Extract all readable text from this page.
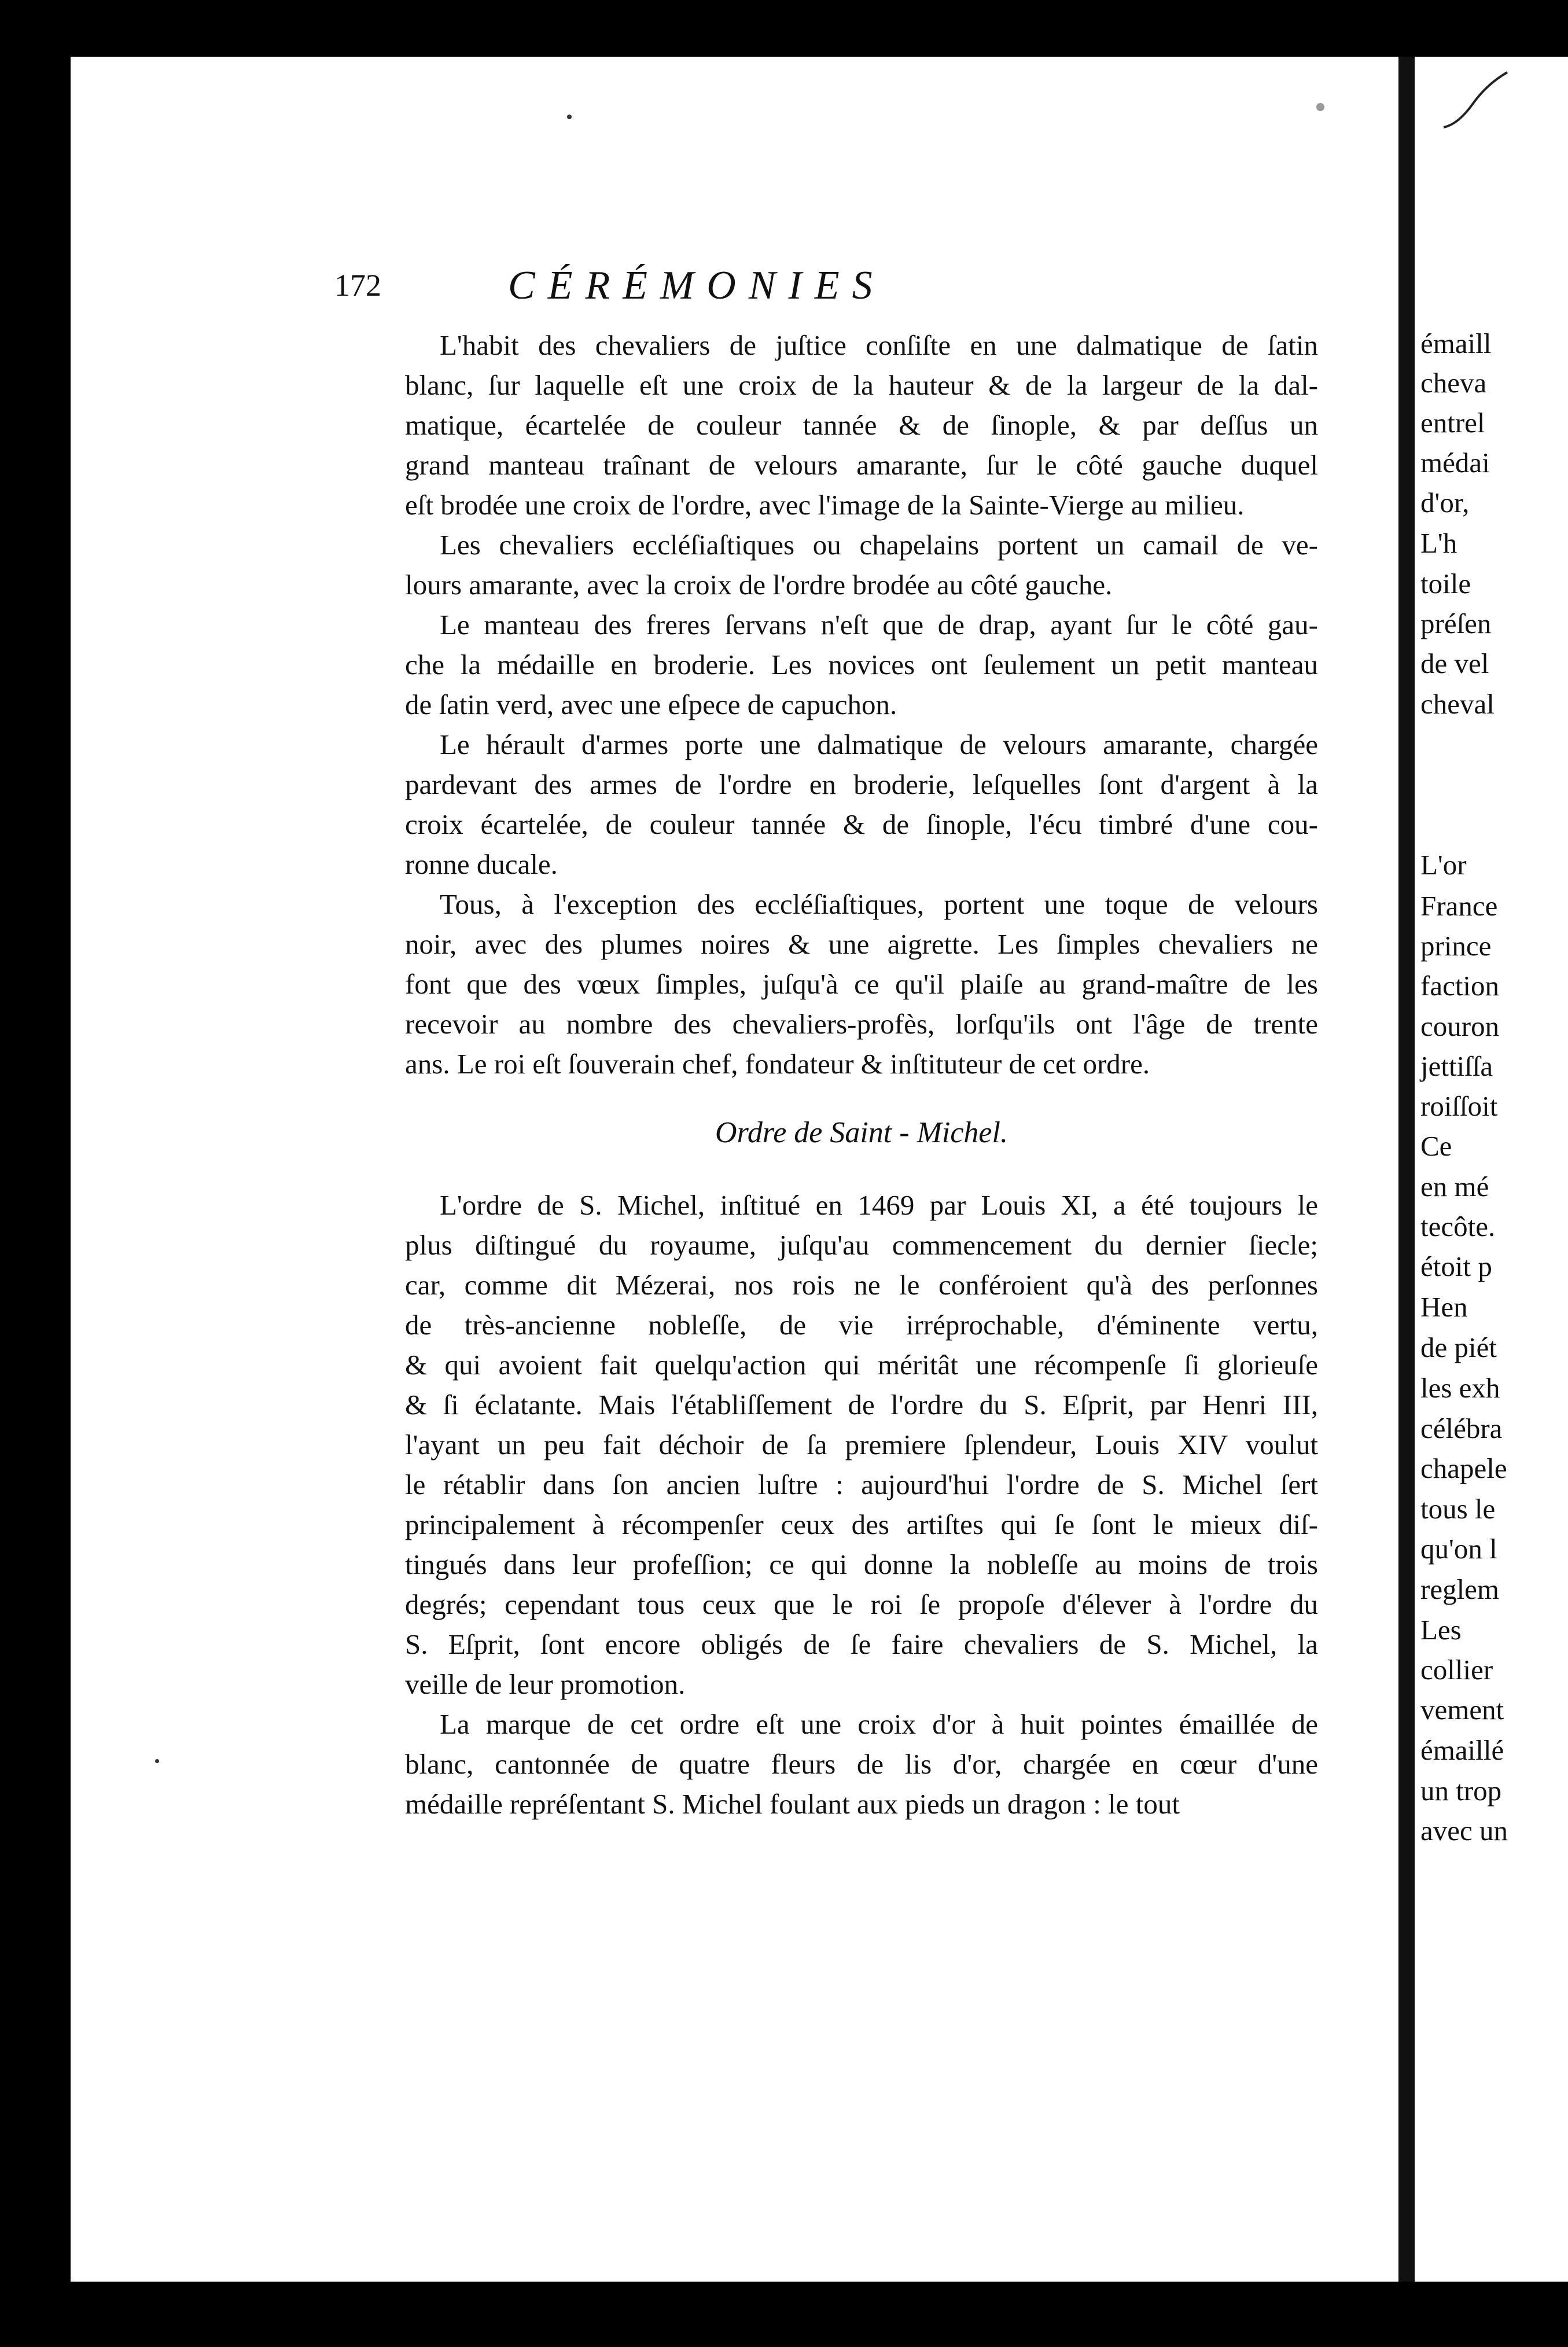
émaill
cheva
entrel
médai
d'or,
L'h
toile
préſen
de vel
cheval
L'or
France
prince
faction
couron
jettiſſa
roiſſoit
Ce
en mé
tecôte.
étoit p
Hen
de piét
les exh
célébra
chapele
tous le
qu'on l
reglem
Les
collier
vement
émaillé
un trop
avec un
172	CÉRÉMONIES
L'habit des chevaliers de juſtice conſiſte en une dalmatique de ſatin
blanc, ſur laquelle eſt une croix de la hauteur & de la largeur de la dal-
matique, écartelée de couleur tannée & de ſinople, & par deſſus un
grand manteau traînant de velours amarante, ſur le côté gauche duquel
eſt brodée une croix de l'ordre, avec l'image de la Sainte-Vierge au milieu.
Les chevaliers eccléſiaſtiques ou chapelains portent un camail de ve-
lours amarante, avec la croix de l'ordre brodée au côté gauche.
Le manteau des freres ſervans n'eſt que de drap, ayant ſur le côté gau-
che la médaille en broderie. Les novices ont ſeulement un petit manteau
de ſatin verd, avec une eſpece de capuchon.
Le hérault d'armes porte une dalmatique de velours amarante, chargée
pardevant des armes de l'ordre en broderie, leſquelles ſont d'argent à la
croix écartelée, de couleur tannée & de ſinople, l'écu timbré d'une cou-
ronne ducale.
Tous, à l'exception des eccléſiaſtiques, portent une toque de velours
noir, avec des plumes noires & une aigrette. Les ſimples chevaliers ne
font que des vœux ſimples, juſqu'à ce qu'il plaiſe au grand-maître de les
recevoir au nombre des chevaliers-profès, lorſqu'ils ont l'âge de trente
ans. Le roi eſt ſouverain chef, fondateur & inſtituteur de cet ordre.
Ordre de Saint - Michel.
L'ordre de S. Michel, inſtitué en 1469 par Louis XI, a été toujours le
plus diſtingué du royaume, juſqu'au commencement du dernier ſiecle;
car, comme dit Mézerai, nos rois ne le conféroient qu'à des perſonnes
de très-ancienne nobleſſe, de vie irréprochable, d'éminente vertu,
& qui avoient fait quelqu'action qui méritât une récompenſe ſi glorieuſe
& ſi éclatante. Mais l'établiſſement de l'ordre du S. Eſprit, par Henri III,
l'ayant un peu fait déchoir de ſa premiere ſplendeur, Louis XIV voulut
le rétablir dans ſon ancien luſtre : aujourd'hui l'ordre de S. Michel ſert
principalement à récompenſer ceux des artiſtes qui ſe ſont le mieux diſ-
tingués dans leur profeſſion; ce qui donne la nobleſſe au moins de trois
degrés; cependant tous ceux que le roi ſe propoſe d'élever à l'ordre du
S. Eſprit, ſont encore obligés de ſe faire chevaliers de S. Michel, la
veille de leur promotion.
La marque de cet ordre eſt une croix d'or à huit pointes émaillée de
blanc, cantonnée de quatre fleurs de lis d'or, chargée en cœur d'une
médaille repréſentant S. Michel foulant aux pieds un dragon : le tout
